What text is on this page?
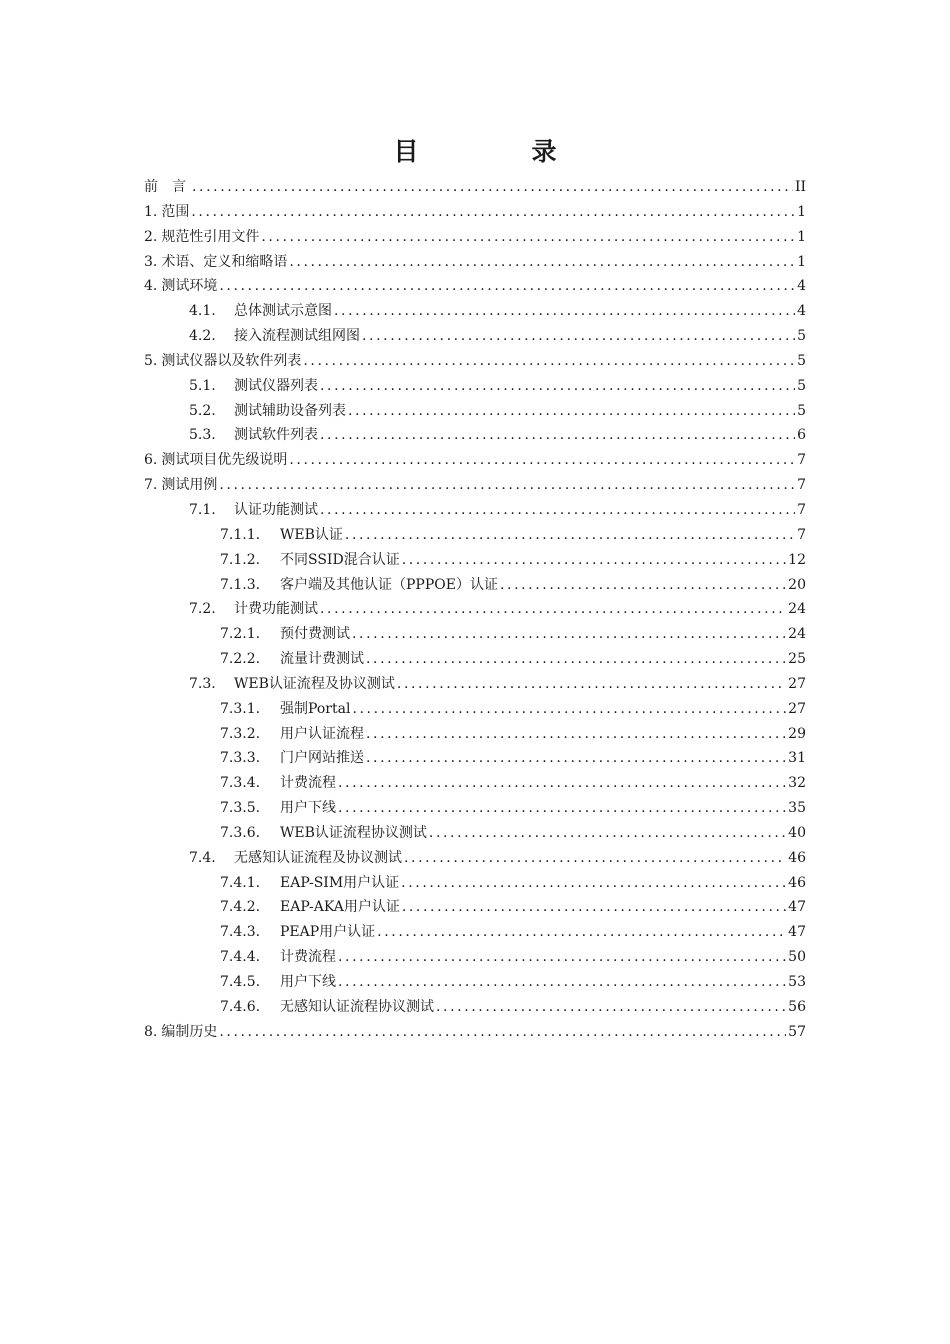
目　录
前　言 .....	II
1. 范围 .....	1
2. 规范性引用文件 .....	1
3. 术语、定义和缩略语 .....	1
4. 测试环境 .....	4
4.1.	总体测试示意图 .....	4
4.2.	接入流程测试组网图 .....	5
5. 测试仪器以及软件列表 .....	5
5.1.	测试仪器列表 .....	5
5.2.	测试辅助设备列表 .....	5
5.3.	测试软件列表 .....	6
6. 测试项目优先级说明 .....	7
7. 测试用例 .....	7
7.1.	认证功能测试 .....	7
7.1.1.	WEB认证 .....	7
7.1.2.	不同SSID混合认证 .....	12
7.1.3.	客户端及其他认证（PPPOE）认证 .....	20
7.2.	计费功能测试 .....	24
7.2.1.	预付费测试 .....	24
7.2.2.	流量计费测试 .....	25
7.3.	WEB认证流程及协议测试 .....	27
7.3.1.	强制Portal .....	27
7.3.2.	用户认证流程 .....	29
7.3.3.	门户网站推送 .....	31
7.3.4.	计费流程 .....	32
7.3.5.	用户下线 .....	35
7.3.6.	WEB认证流程协议测试 .....	40
7.4.	无感知认证流程及协议测试 .....	46
7.4.1.	EAP-SIM用户认证 .....	46
7.4.2.	EAP-AKA用户认证 .....	47
7.4.3.	PEAP用户认证 .....	47
7.4.4.	计费流程 .....	50
7.4.5.	用户下线 .....	53
7.4.6.	无感知认证流程协议测试 .....	56
8. 编制历史 .....	57
